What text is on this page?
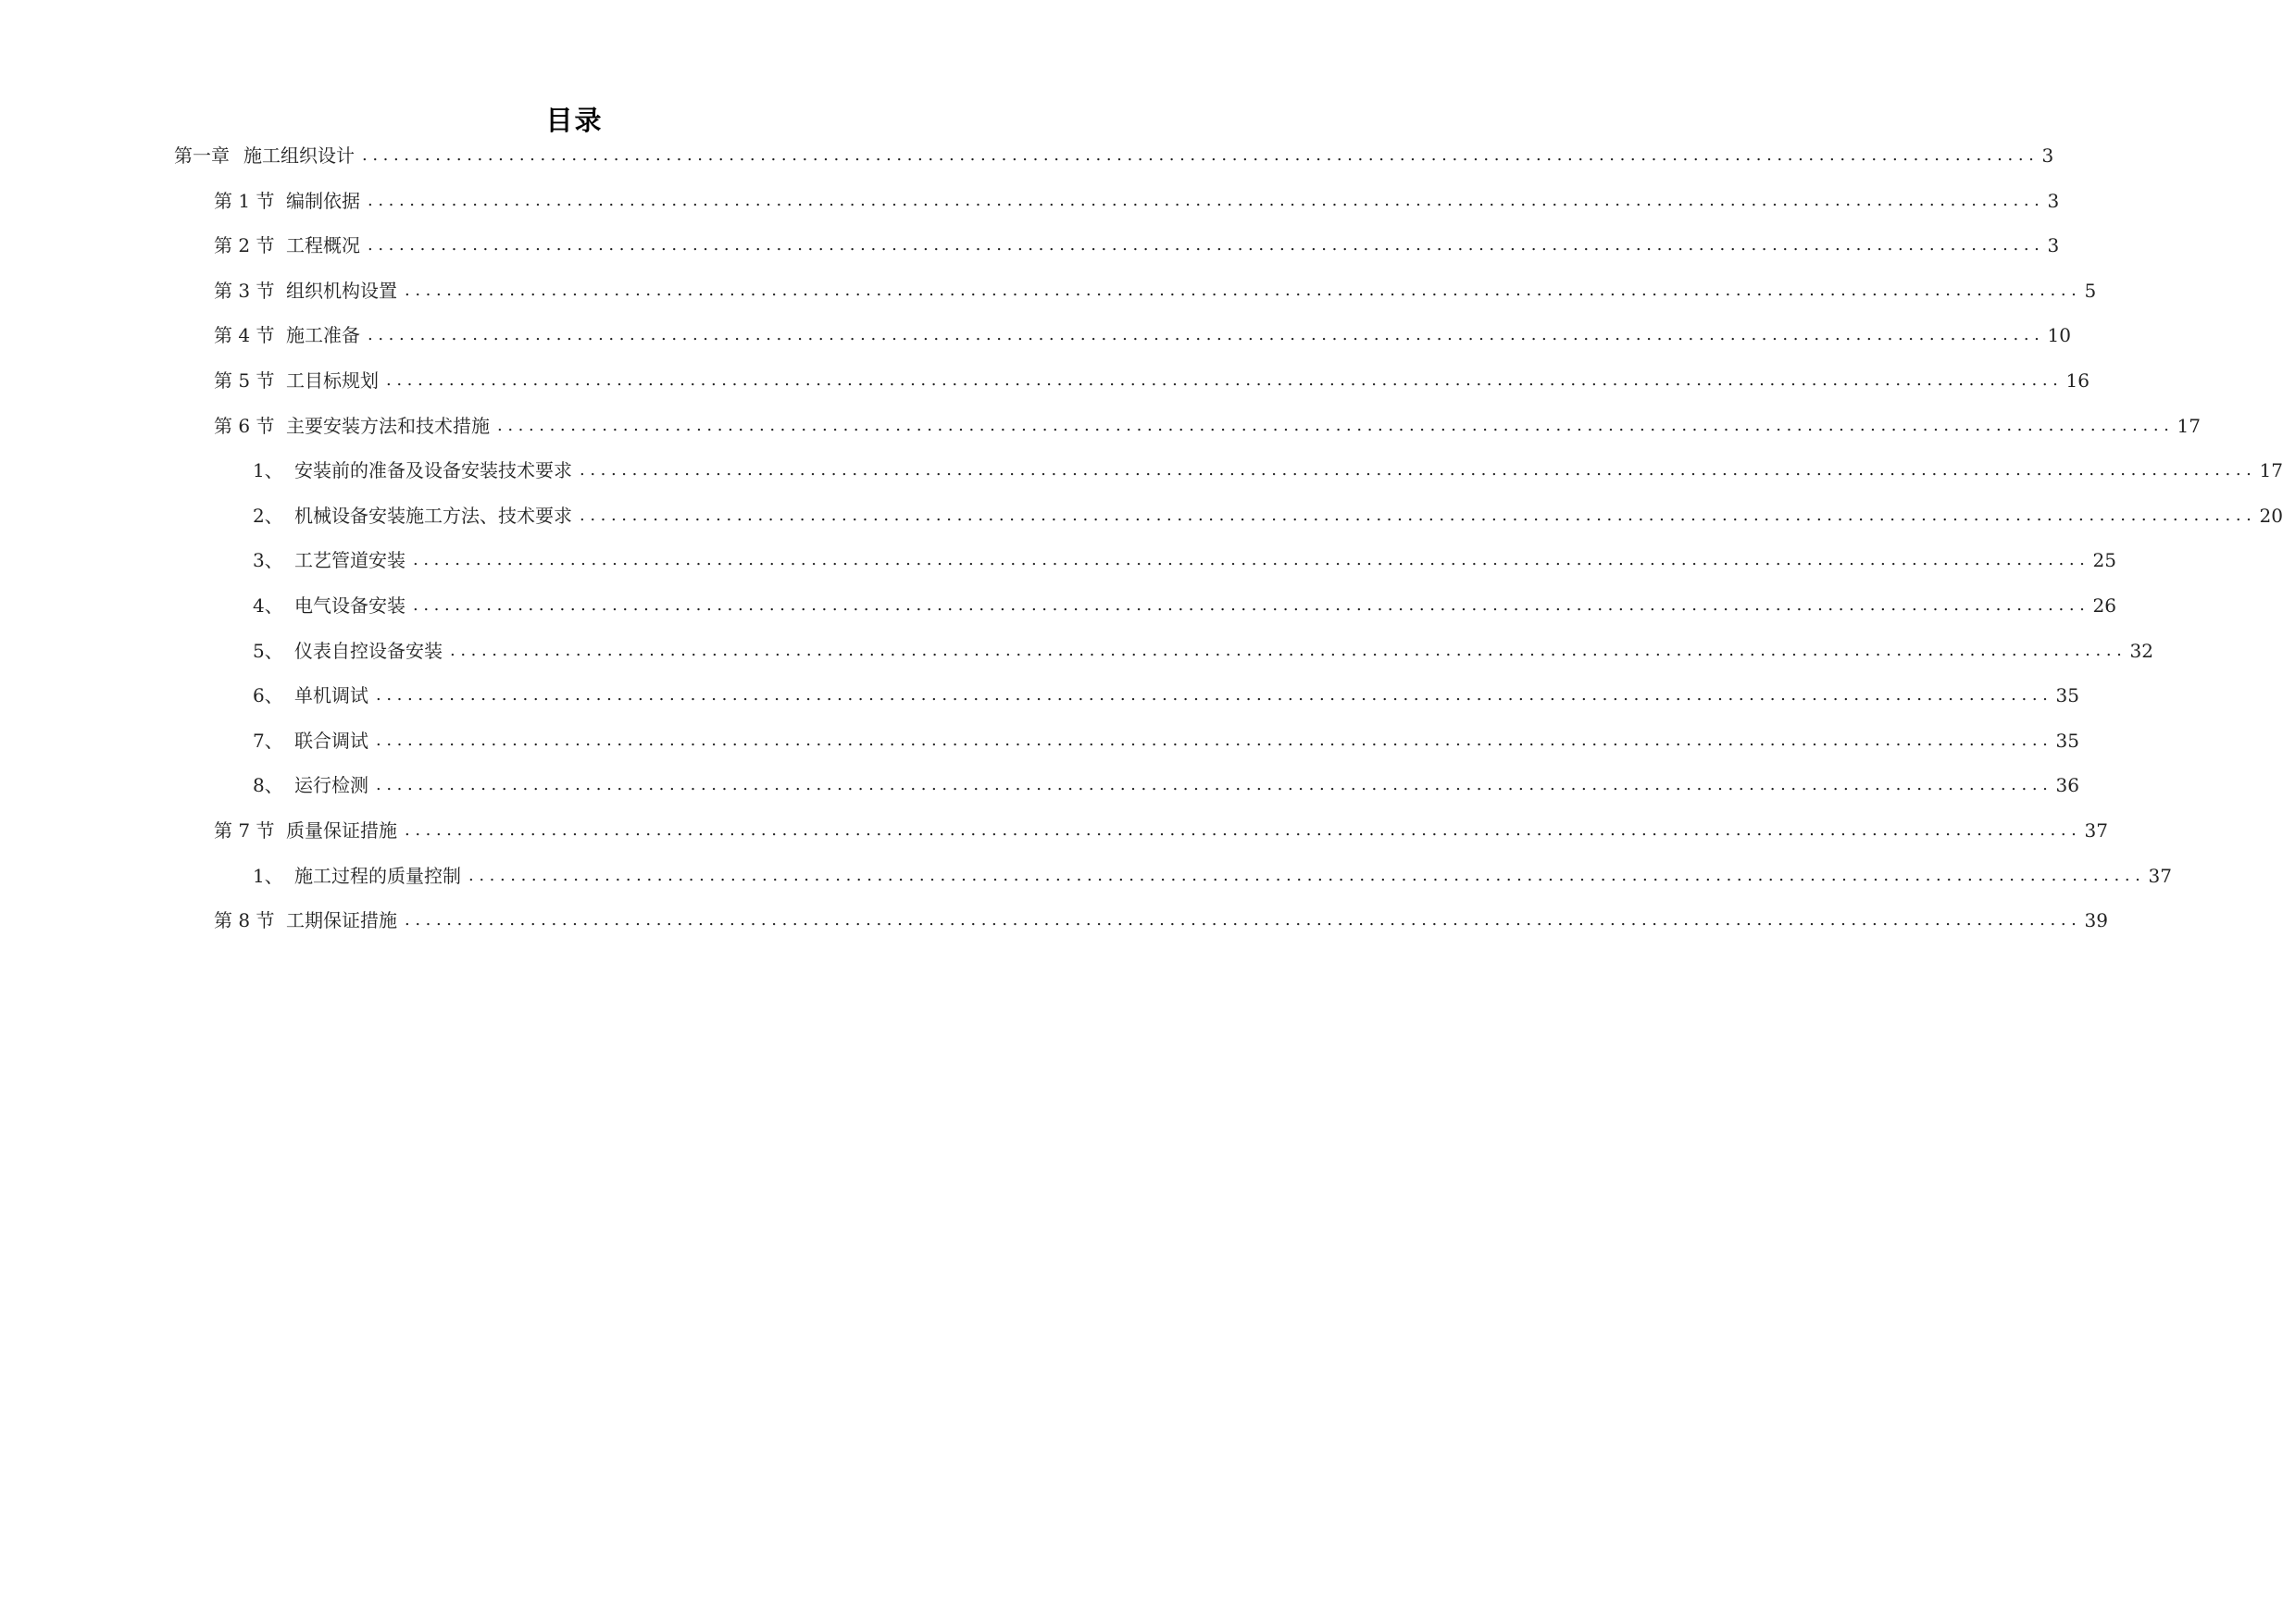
目录
第一章 施工组织设计 ................................................................................................................................................................ 3
第 1 节 编制依据 ................................................................................................................................................................ 3
第 2 节 工程概况 ................................................................................................................................................................ 3
第 3 节 组织机构设置 ................................................................................................................................................................ 5
第 4 节 施工准备 ................................................................................................................................................................ 10
第 5 节 工目标规划 ................................................................................................................................................................ 16
第 6 节 主要安装方法和技术措施 ................................................................................................................................................................ 17
1、 安装前的准备及设备安装技术要求 ................................................................................................................................................................ 17
2、 机械设备安装施工方法、技术要求 ................................................................................................................................................................ 20
3、 工艺管道安装 ................................................................................................................................................................ 25
4、 电气设备安装 ................................................................................................................................................................ 26
5、 仪表自控设备安装 ................................................................................................................................................................ 32
6、 单机调试 ................................................................................................................................................................ 35
7、 联合调试 ................................................................................................................................................................ 35
8、 运行检测 ................................................................................................................................................................ 36
第 7 节 质量保证措施 ................................................................................................................................................................ 37
1、 施工过程的质量控制 ................................................................................................................................................................ 37
第 8 节 工期保证措施 ................................................................................................................................................................ 39
